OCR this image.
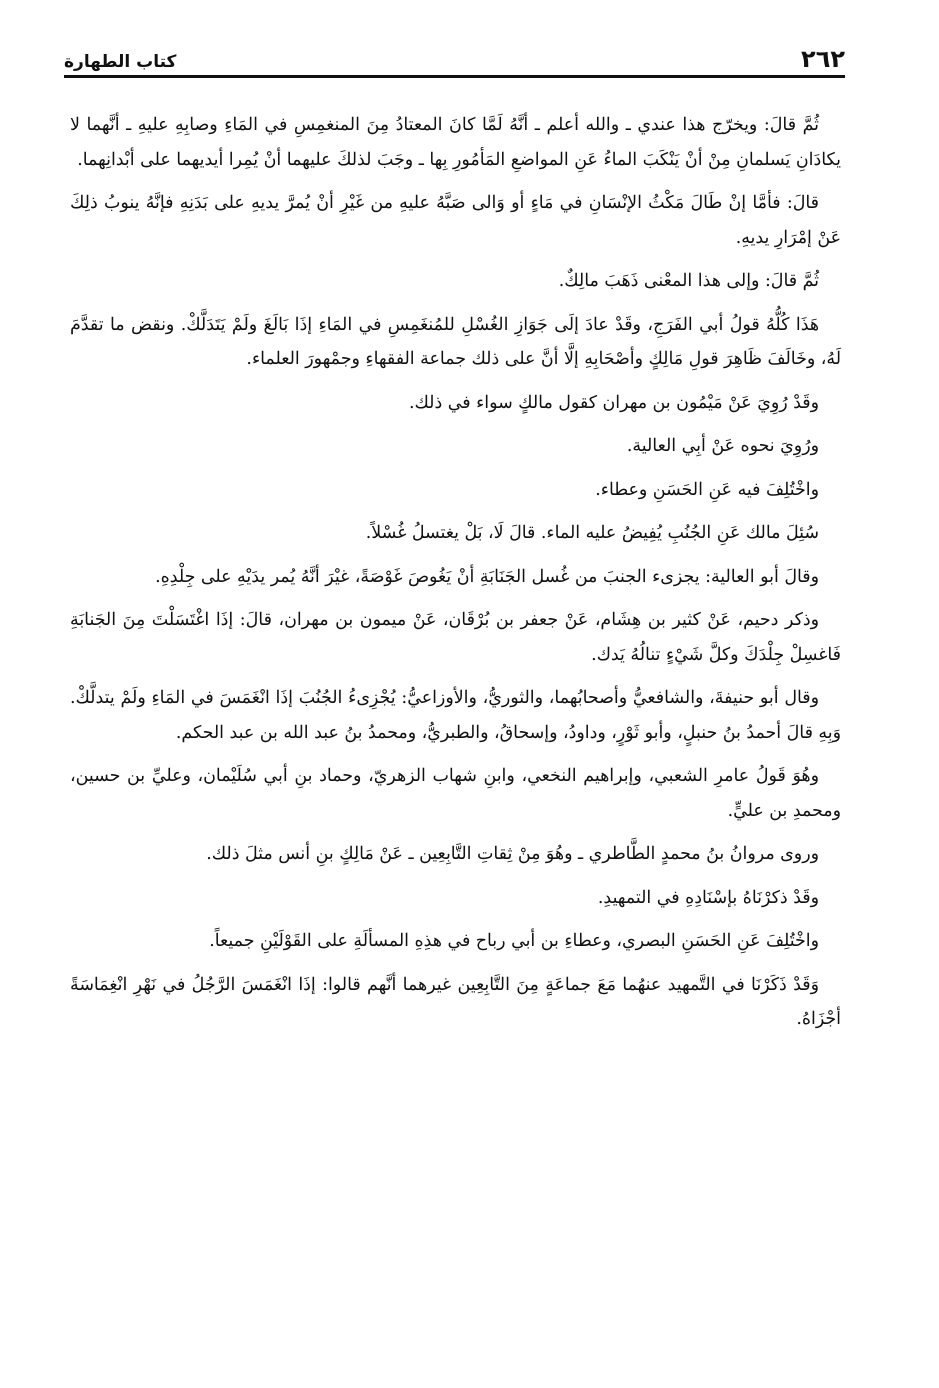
٢٦٢
كتاب الطهارة

ثُمَّ قالَ: ويخرّج هذا عندي ـ والله أعلم ـ أنَّهُ لَمَّا كانَ المعتادُ مِنَ المنغمِسِ في المَاءِ وصابِهِ عليهِ ـ أنَّهما لا يكادَانِ يَسلمانِ مِنْ أنْ يَنْكَبَ الماءُ عَنِ المواضعِ المَأمُورِ بِها ـ وجَبَ لذلكَ عليهما أنْ يُمِرا أيديهما على أبْدانِهما.

قالَ: فأمَّا إنْ طَالَ مَكْثُ الإنْسَانِ في مَاءٍ أو وَالى صَبَّهُ عليهِ من غَيْرِ أنْ يُمرَّ يديهِ على بَدَنِهِ فإنَّهُ ينوبُ ذلِكَ عَنْ إمْرَارِ يديهِ.

ثُمَّ قالَ: وإلى هذا المعْنى ذَهَبَ مالِكٌ.

هَذَا كُلُّهُ قولُ أبي الفَرَجِ، وقَدْ عادَ إلَى جَوَازِ الغُسْلِ للمُنغَمِسِ في المَاءِ إذَا بَالَغَ ولَمْ يَتَدَلَّكْ. ونقض ما تقدَّمَ لَهُ، وخَالَفَ ظَاهِرَ قولِ مَالِكٍ وأصْحَابِهِ إلَّا أنَّ على ذلك جماعة الفقهاءِ وجمْهورَ العلماء.

وقَدْ رُوِيَ عَنْ مَيْمُون بن مهران كقول مالكٍ سواء في ذلك.

ورُوِيَ نحوه عَنْ أبِي العالية.

واخْتُلِفَ فيه عَنِ الحَسَنِ وعطاء.

سُئِلَ مالك عَنِ الجُنُبِ يُفِيضُ عليه الماء. قالَ لَا، بَلْ يغتسلُ غُسْلاً.

وقالَ أبو العالية: يجزىء الجنبَ من غُسل الجَنَابَةِ أنْ يَغُوصَ غَوْصَةً، غيْرَ أنَّهُ يُمر يدَيْهِ على جِلْدِهِ.

وذكر دحيم، عَنْ كثير بن هِشَام، عَنْ جعفر بن بُرْقَان، عَنْ ميمون بن مهران، قالَ: إذَا اغْتَسَلْتَ مِنَ الجَنابَةِ فَاغسِلْ جِلْدَكَ وكلَّ شَيْءٍ تنالُهُ يَدك.

وقال أبو حنيفةَ، والشافعيُّ وأصحابُهما، والثوريُّ، والأوزاعيُّ: يُجْزِىءُ الجُنُبَ إذَا انْغَمَسَ في المَاءِ ولَمْ يتدلَّكْ. وَبِهِ قالَ أحمدُ بنُ حنبلٍ، وأبو ثَوْرٍ، وداودُ، وإسحاقُ، والطبريُّ، ومحمدُ بنُ عبد الله بن عبد الحكم.

وهُوَ قَولُ عامرِ الشعبي، وإبراهيم النخعي، وابنِ شهاب الزهريّ، وحماد بنِ أبي سُلَيْمان، وعليِّ بن حسين، ومحمدِ بن عليٍّ.

وروى مروانُ بنُ محمدٍ الطَّاطري ـ وهُوَ مِنْ ثِقاتِ التَّابِعِين ـ عَنْ مَالِكٍ بنِ أنس مثلَ ذلك.

وقَدْ ذكرْنَاهُ بإسْنَادِهِ في التمهيدِ.

واخْتُلِفَ عَنِ الحَسَنِ البصري، وعطاءِ بن أبي رباح في هذِهِ المسألَةِ على القَوْلَيْنِ جميعاً.

وَقَدْ ذَكَرْنَا في التَّمهيد عنهُما مَعَ جماعَةٍ مِنَ التَّابِعِين غيرهما أنَّهم قالوا: إذَا انْغَمَسَ الرَّجُلُ في نَهْرِ انْغِمَاسَةً أجْزَاهُ.
